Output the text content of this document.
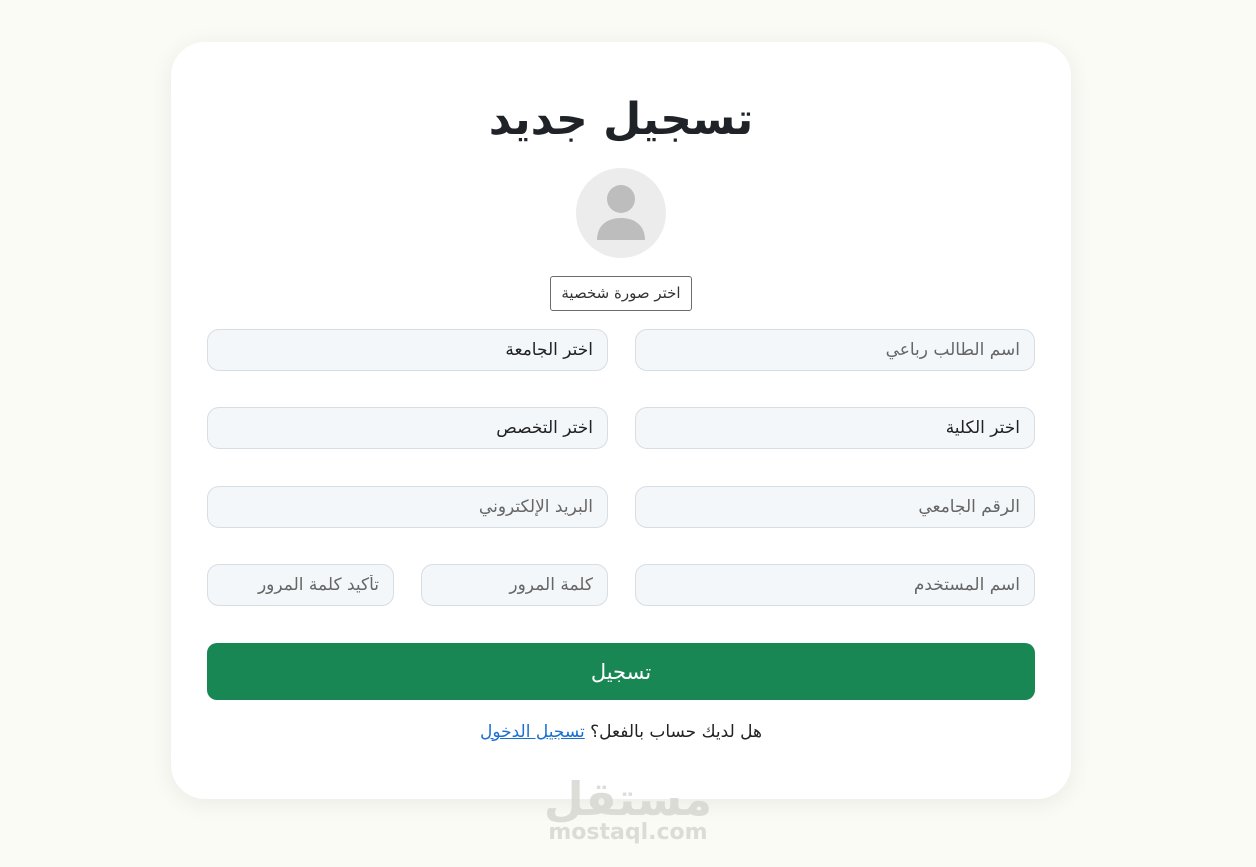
تسجيل جديد
اختر صورة شخصية
اسم الطالب رباعي
اختر الجامعة
اختر الكلية
اختر التخصص
الرقم الجامعي
البريد الإلكتروني
اسم المستخدم
تسجيل
هل لديك حساب بالفعل؟ تسجيل الدخول
مستقل
mostaql.com
